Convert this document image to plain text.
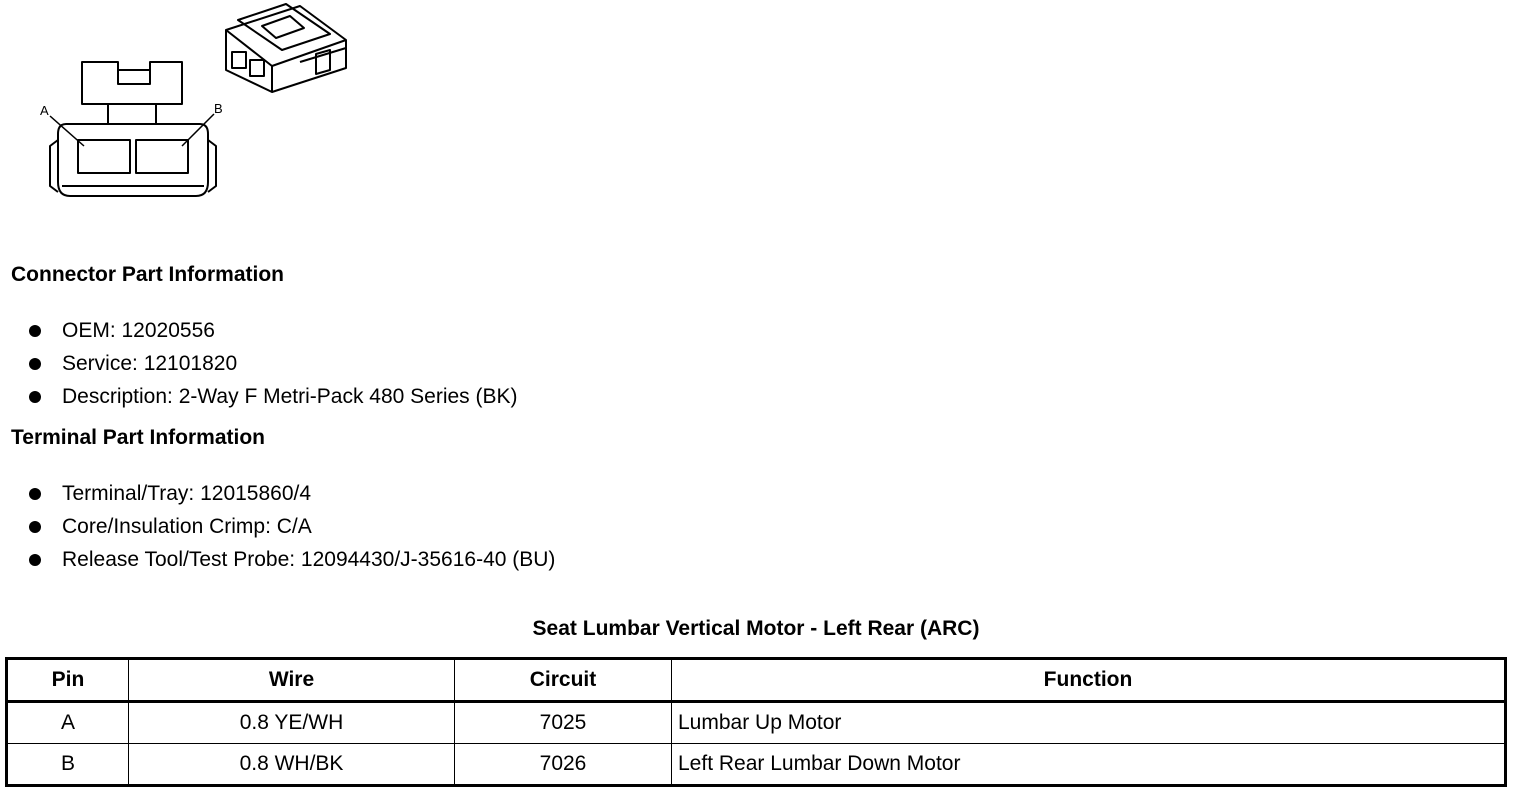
A	B
Connector Part Information
OEM: 12020556
Service: 12101820
Description: 2-Way F Metri-Pack 480 Series (BK)
Terminal Part Information
Terminal/Tray: 12015860/4
Core/Insulation Crimp: C/A
Release Tool/Test Probe: 12094430/J-35616-40 (BU)
Seat Lumbar Vertical Motor - Left Rear (ARC)
Pin	Wire	Circuit	Function
A	0.8 YE/WH	7025	Lumbar Up Motor
B	0.8 WH/BK	7026	Left Rear Lumbar Down Motor
